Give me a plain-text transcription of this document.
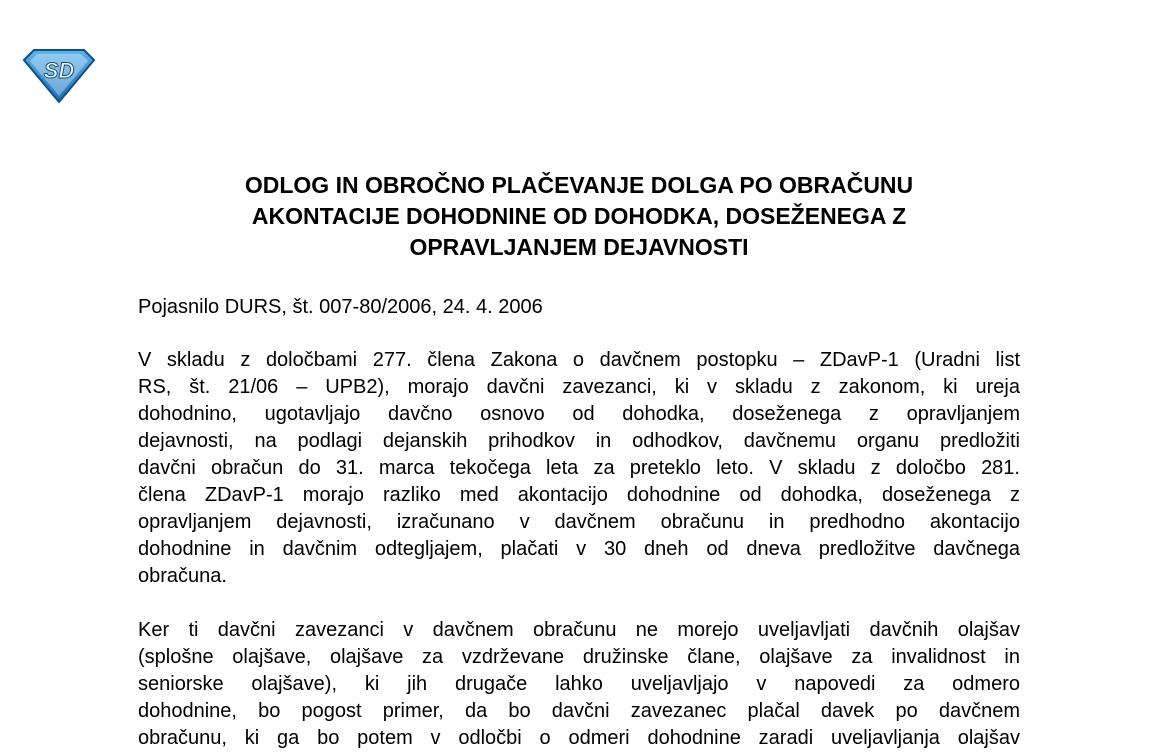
SD
ODLOG IN OBROČNO PLAČEVANJE DOLGA PO OBRAČUNU
AKONTACIJE DOHODNINE OD DOHODKA, DOSEŽENEGA Z
OPRAVLJANJEM DEJAVNOSTI
Pojasnilo DURS, št. 007-80/2006, 24. 4. 2006

V skladu z določbami 277. člena Zakona o davčnem postopku – ZDavP-1 (Uradni list
RS, št. 21/06 – UPB2), morajo davčni zavezanci, ki v skladu z zakonom, ki ureja
dohodnino, ugotavljajo davčno osnovo od dohodka, doseženega z opravljanjem
dejavnosti, na podlagi dejanskih prihodkov in odhodkov, davčnemu organu predložiti
davčni obračun do 31. marca tekočega leta za preteklo leto. V skladu z določbo 281.
člena ZDavP-1 morajo razliko med akontacijo dohodnine od dohodka, doseženega z
opravljanjem dejavnosti, izračunano v davčnem obračunu in predhodno akontacijo
dohodnine in davčnim odtegljajem, plačati v 30 dneh od dneva predložitve davčnega
obračuna.

Ker ti davčni zavezanci v davčnem obračunu ne morejo uveljavljati davčnih olajšav
(splošne olajšave, olajšave za vzdrževane družinske člane, olajšave za invalidnost in
seniorske olajšave), ki jih drugače lahko uveljavljajo v napovedi za odmero
dohodnine, bo pogost primer, da bo davčni zavezanec plačal davek po davčnem
obračunu, ki ga bo potem v odločbi o odmeri dohodnine zaradi uveljavljanja olajšav
